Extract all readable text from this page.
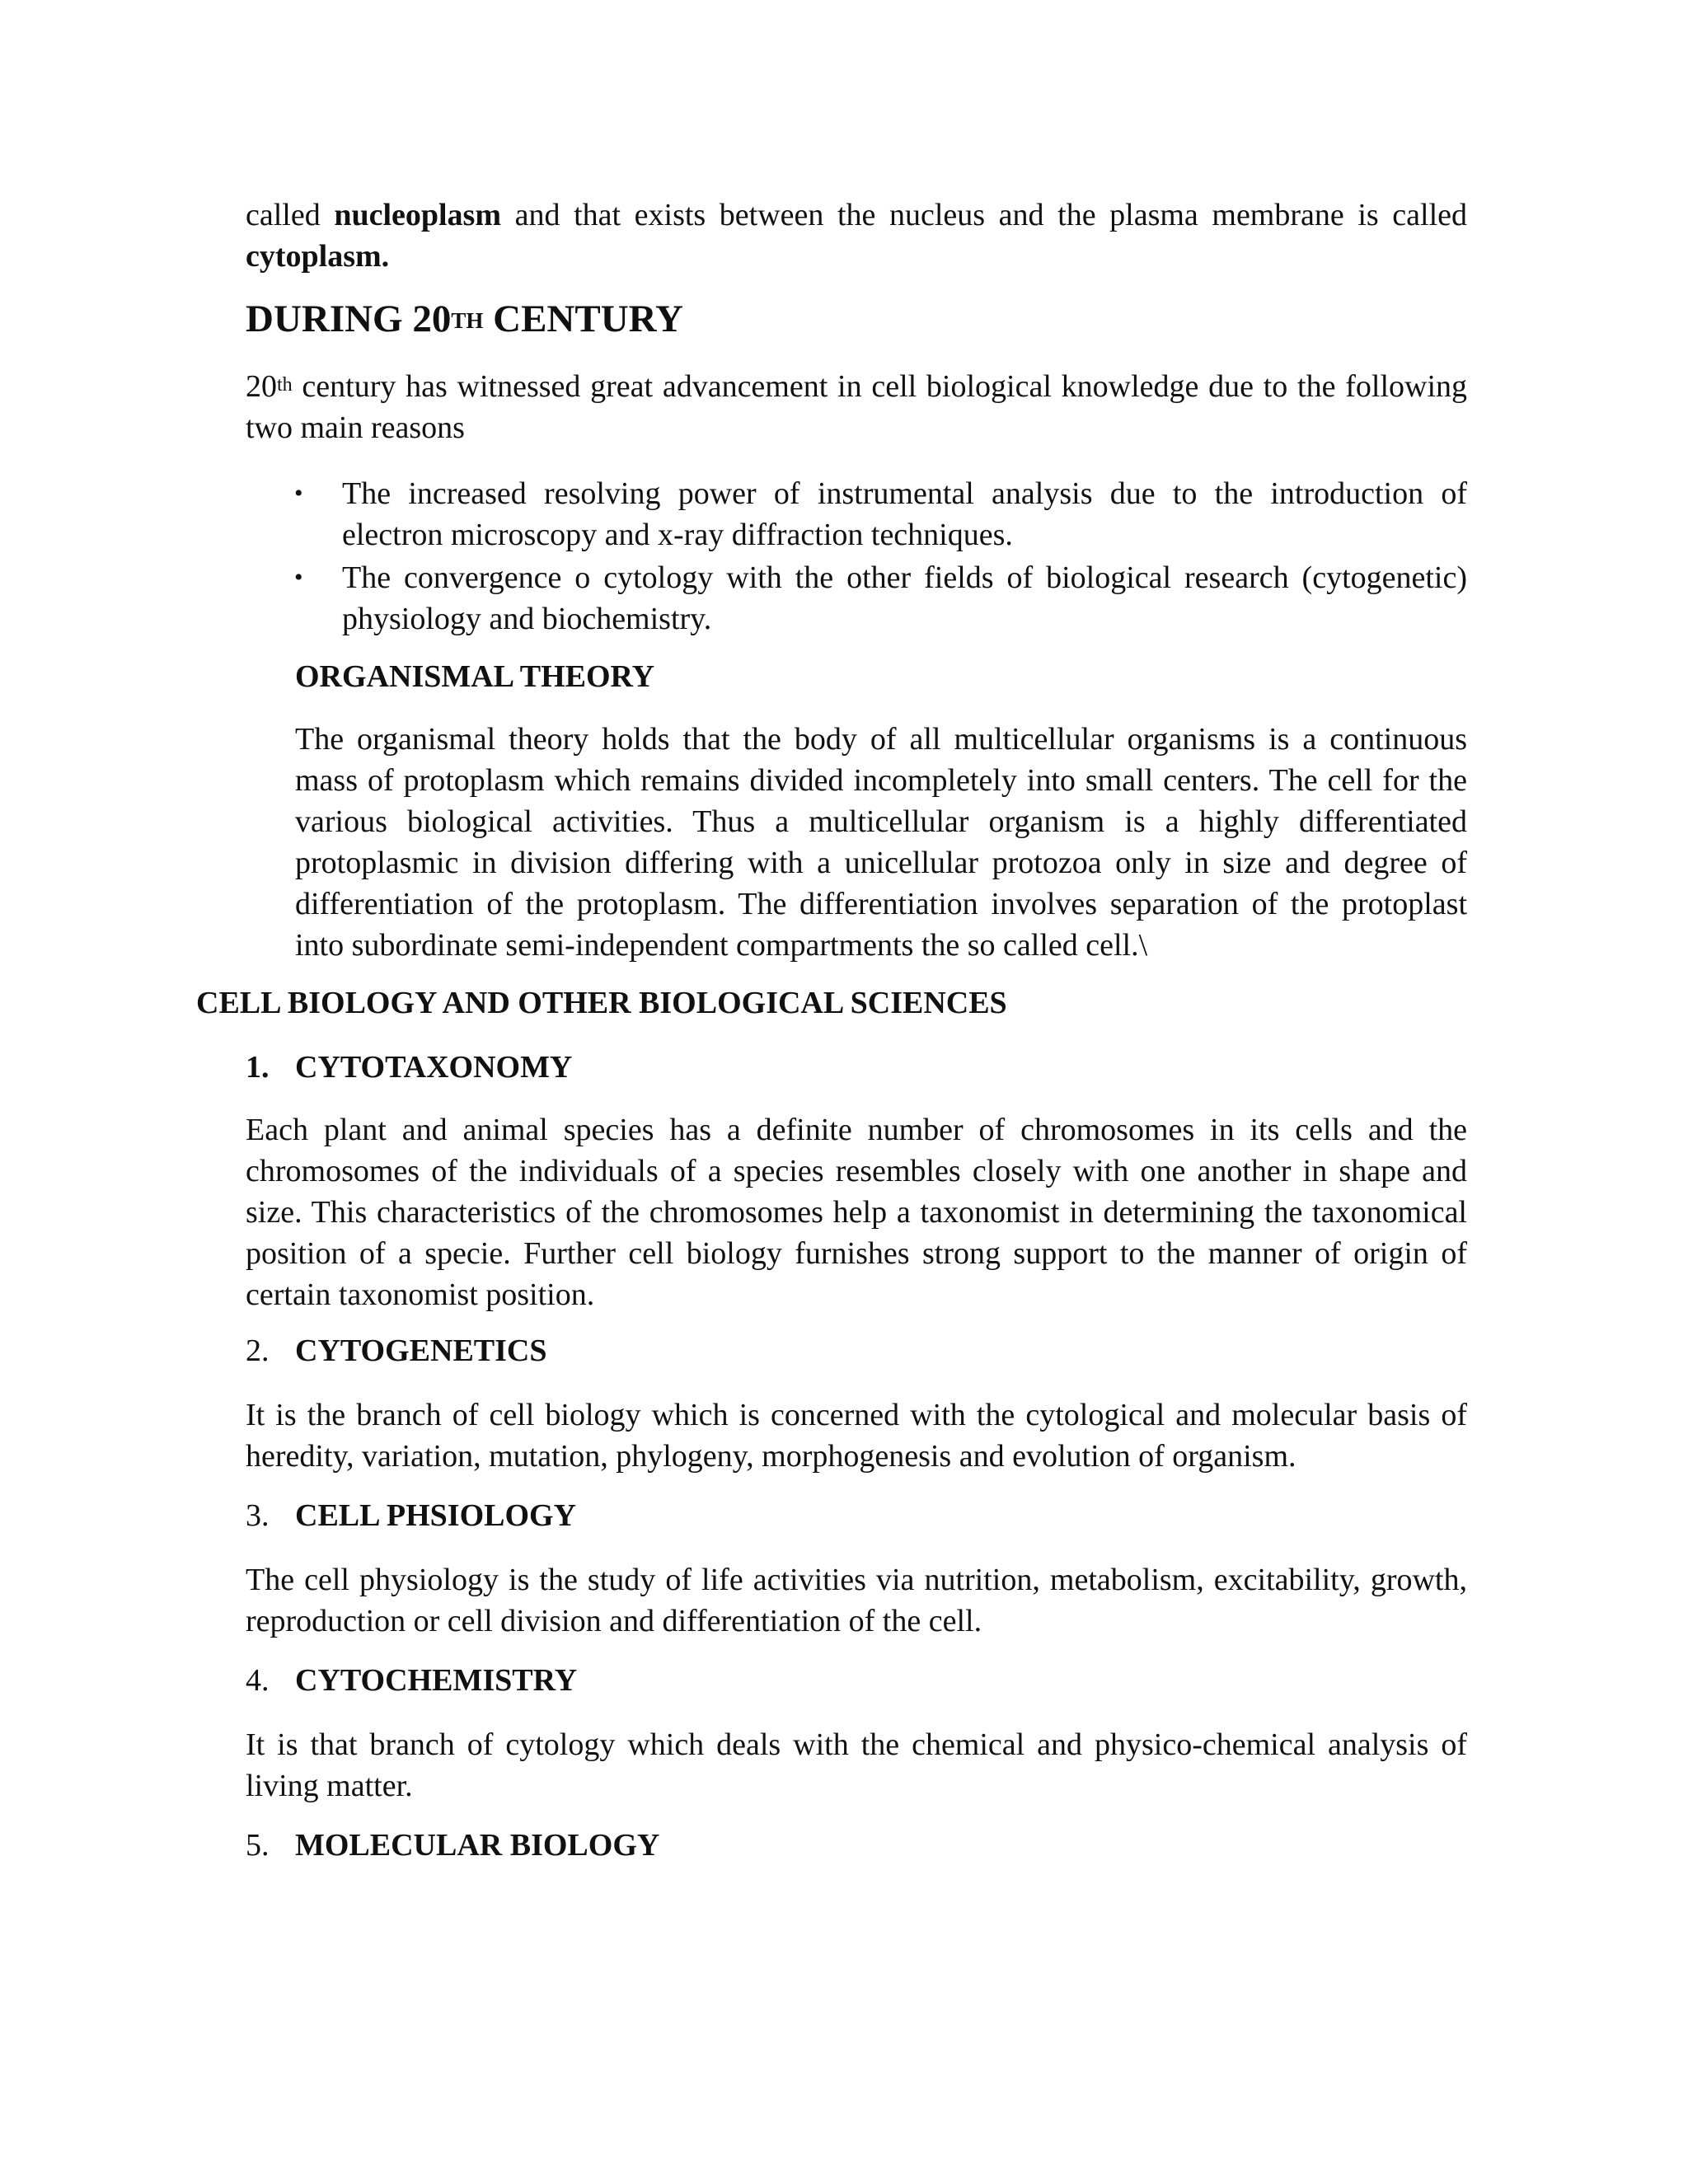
called nucleoplasm and that exists between the nucleus and the plasma membrane is called cytoplasm.

DURING 20TH CENTURY

20th century has witnessed great advancement in cell biological knowledge due to the following two main reasons

•	The increased resolving power of instrumental analysis due to the introduction of electron microscopy and x-ray diffraction techniques.
•	The convergence o cytology with the other fields of biological research (cytogenetic) physiology and biochemistry.
ORGANISMAL THEORY

The organismal theory holds that the body of all multicellular organisms is a continuous mass of protoplasm which remains divided incompletely into small centers. The cell for the various biological activities. Thus a multicellular organism is a highly differentiated protoplasmic in division differing with a unicellular protozoa only in size and degree of differentiation of the protoplasm. The differentiation involves separation of the protoplast into subordinate semi-independent compartments the so called cell.\

CELL BIOLOGY AND OTHER BIOLOGICAL SCIENCES
1. CYTOTAXONOMY

Each plant and animal species has a definite number of chromosomes in its cells and the chromosomes of the individuals of a species resembles closely with one another in shape and size. This characteristics of the chromosomes help a taxonomist in determining the taxonomical position of a specie. Further cell biology furnishes strong support to the manner of origin of certain taxonomist position.

2. CYTOGENETICS

It is the branch of cell biology which is concerned with the cytological and molecular basis of heredity, variation, mutation, phylogeny, morphogenesis and evolution of organism.

3. CELL PHSIOLOGY

The cell physiology is the study of life activities via nutrition, metabolism, excitability, growth, reproduction or cell division and differentiation of the cell.

4. CYTOCHEMISTRY

It is that branch of cytology which deals with the chemical and physico-chemical analysis of living matter.

5. MOLECULAR BIOLOGY
